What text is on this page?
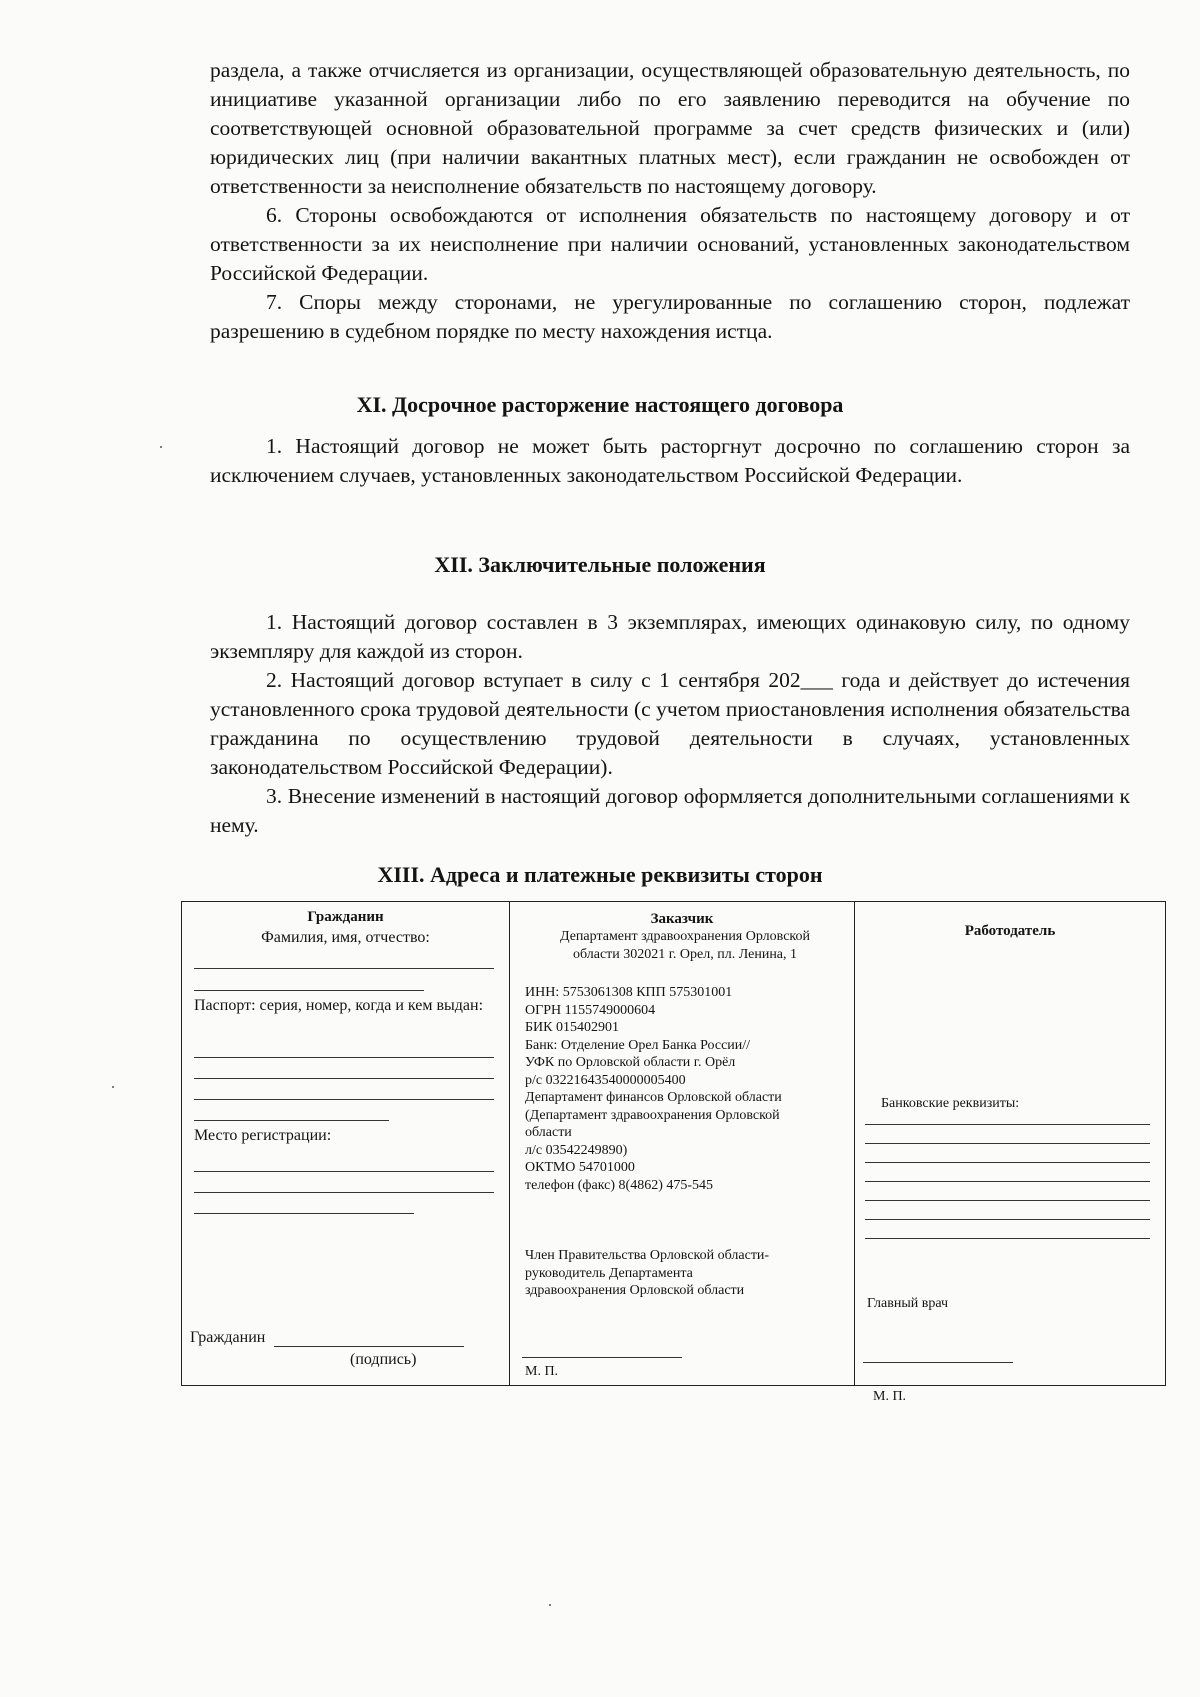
раздела, а также отчисляется из организации, осуществляющей образовательную деятельность, по инициативе указанной организации либо по его заявлению переводится на обучение по соответствующей основной образовательной программе за счет средств физических и (или) юридических лиц (при наличии вакантных платных мест), если гражданин не освобожден от ответственности за неисполнение обязательств по настоящему договору.

6. Стороны освобождаются от исполнения обязательств по настоящему договору и от ответственности за их неисполнение при наличии оснований, установленных законодательством Российской Федерации.

7. Споры между сторонами, не урегулированные по соглашению сторон, подлежат разрешению в судебном порядке по месту нахождения истца.

XI. Досрочное расторжение настоящего договора

1. Настоящий договор не может быть расторгнут досрочно по соглашению сторон за исключением случаев, установленных законодательством Российской Федерации.

XII. Заключительные положения

1. Настоящий договор составлен в 3 экземплярах, имеющих одинаковую силу, по одному экземпляру для каждой из сторон.

2. Настоящий договор вступает в силу с 1 сентября 202___ года и действует до истечения установленного срока трудовой деятельности (с учетом приостановления исполнения обязательства гражданина по осуществлению трудовой деятельности в случаях, установленных законодательством Российской Федерации).

3. Внесение изменений в настоящий договор оформляется дополнительными соглашениями к нему.

XIII. Адреса и платежные реквизиты сторон
Гражданин
Фамилия, имя, отчество:
Паспорт: серия, номер, когда и кем выдан:
Место регистрации:
Гражданин
(подпись)
Заказчик
Департамент здравоохранения Орловской области 302021 г. Орел, пл. Ленина, 1
ИНН: 5753061308 КПП 575301001
ОГРН 1155749000604
БИК 015402901
Банк: Отделение Орел Банка России//
УФК по Орловской области г. Орёл
р/с 03221643540000005400
Департамент финансов Орловской области
(Департамент здравоохранения Орловской
области
л/с 03542249890)
ОКТМО 54701000
телефон (факс) 8(4862) 475-545
Член Правительства Орловской области-
руководитель Департамента
здравоохранения Орловской области
М. П.
Работодатель
Банковские реквизиты:
Главный врач
М. П.
